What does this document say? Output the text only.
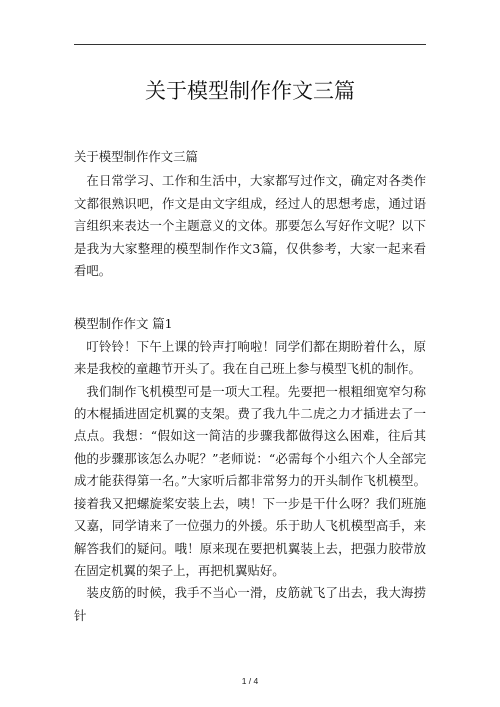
关于模型制作作文三篇

关于模型制作作文三篇

在日常学习、工作和生活中，大家都写过作文，确定对各类作文都很熟识吧，作文是由文字组成，经过人的思想考虑，通过语言组织来表达一个主题意义的文体。那要怎么写好作文呢？以下是我为大家整理的模型制作作文3篇，仅供参考，大家一起来看看吧。

模型制作作文 篇1

叮铃铃！下午上课的铃声打响啦！同学们都在期盼着什么，原来是我校的童趣节开头了。我在自己班上参与模型飞机的制作。

我们制作飞机模型可是一项大工程。先要把一根粗细宽窄匀称的木棍插进固定机翼的支架。费了我九牛二虎之力才插进去了一点点。我想：“假如这一简洁的步骤我都做得这么困难，往后其他的步骤那该怎么办呢？”老师说：“必需每个小组六个人全部完成才能获得第一名。”大家听后都非常努力的开头制作飞机模型。接着我又把螺旋桨安装上去，咦！下一步是干什么呀？我们班施又嘉，同学请来了一位强力的外援。乐于助人飞机模型高手，来解答我们的疑问。哦！原来现在要把机翼装上去，把强力胶带放在固定机翼的架子上，再把机翼贴好。

装皮筋的时候，我手不当心一滑，皮筋就飞了出去，我大海捞针

1 / 4
